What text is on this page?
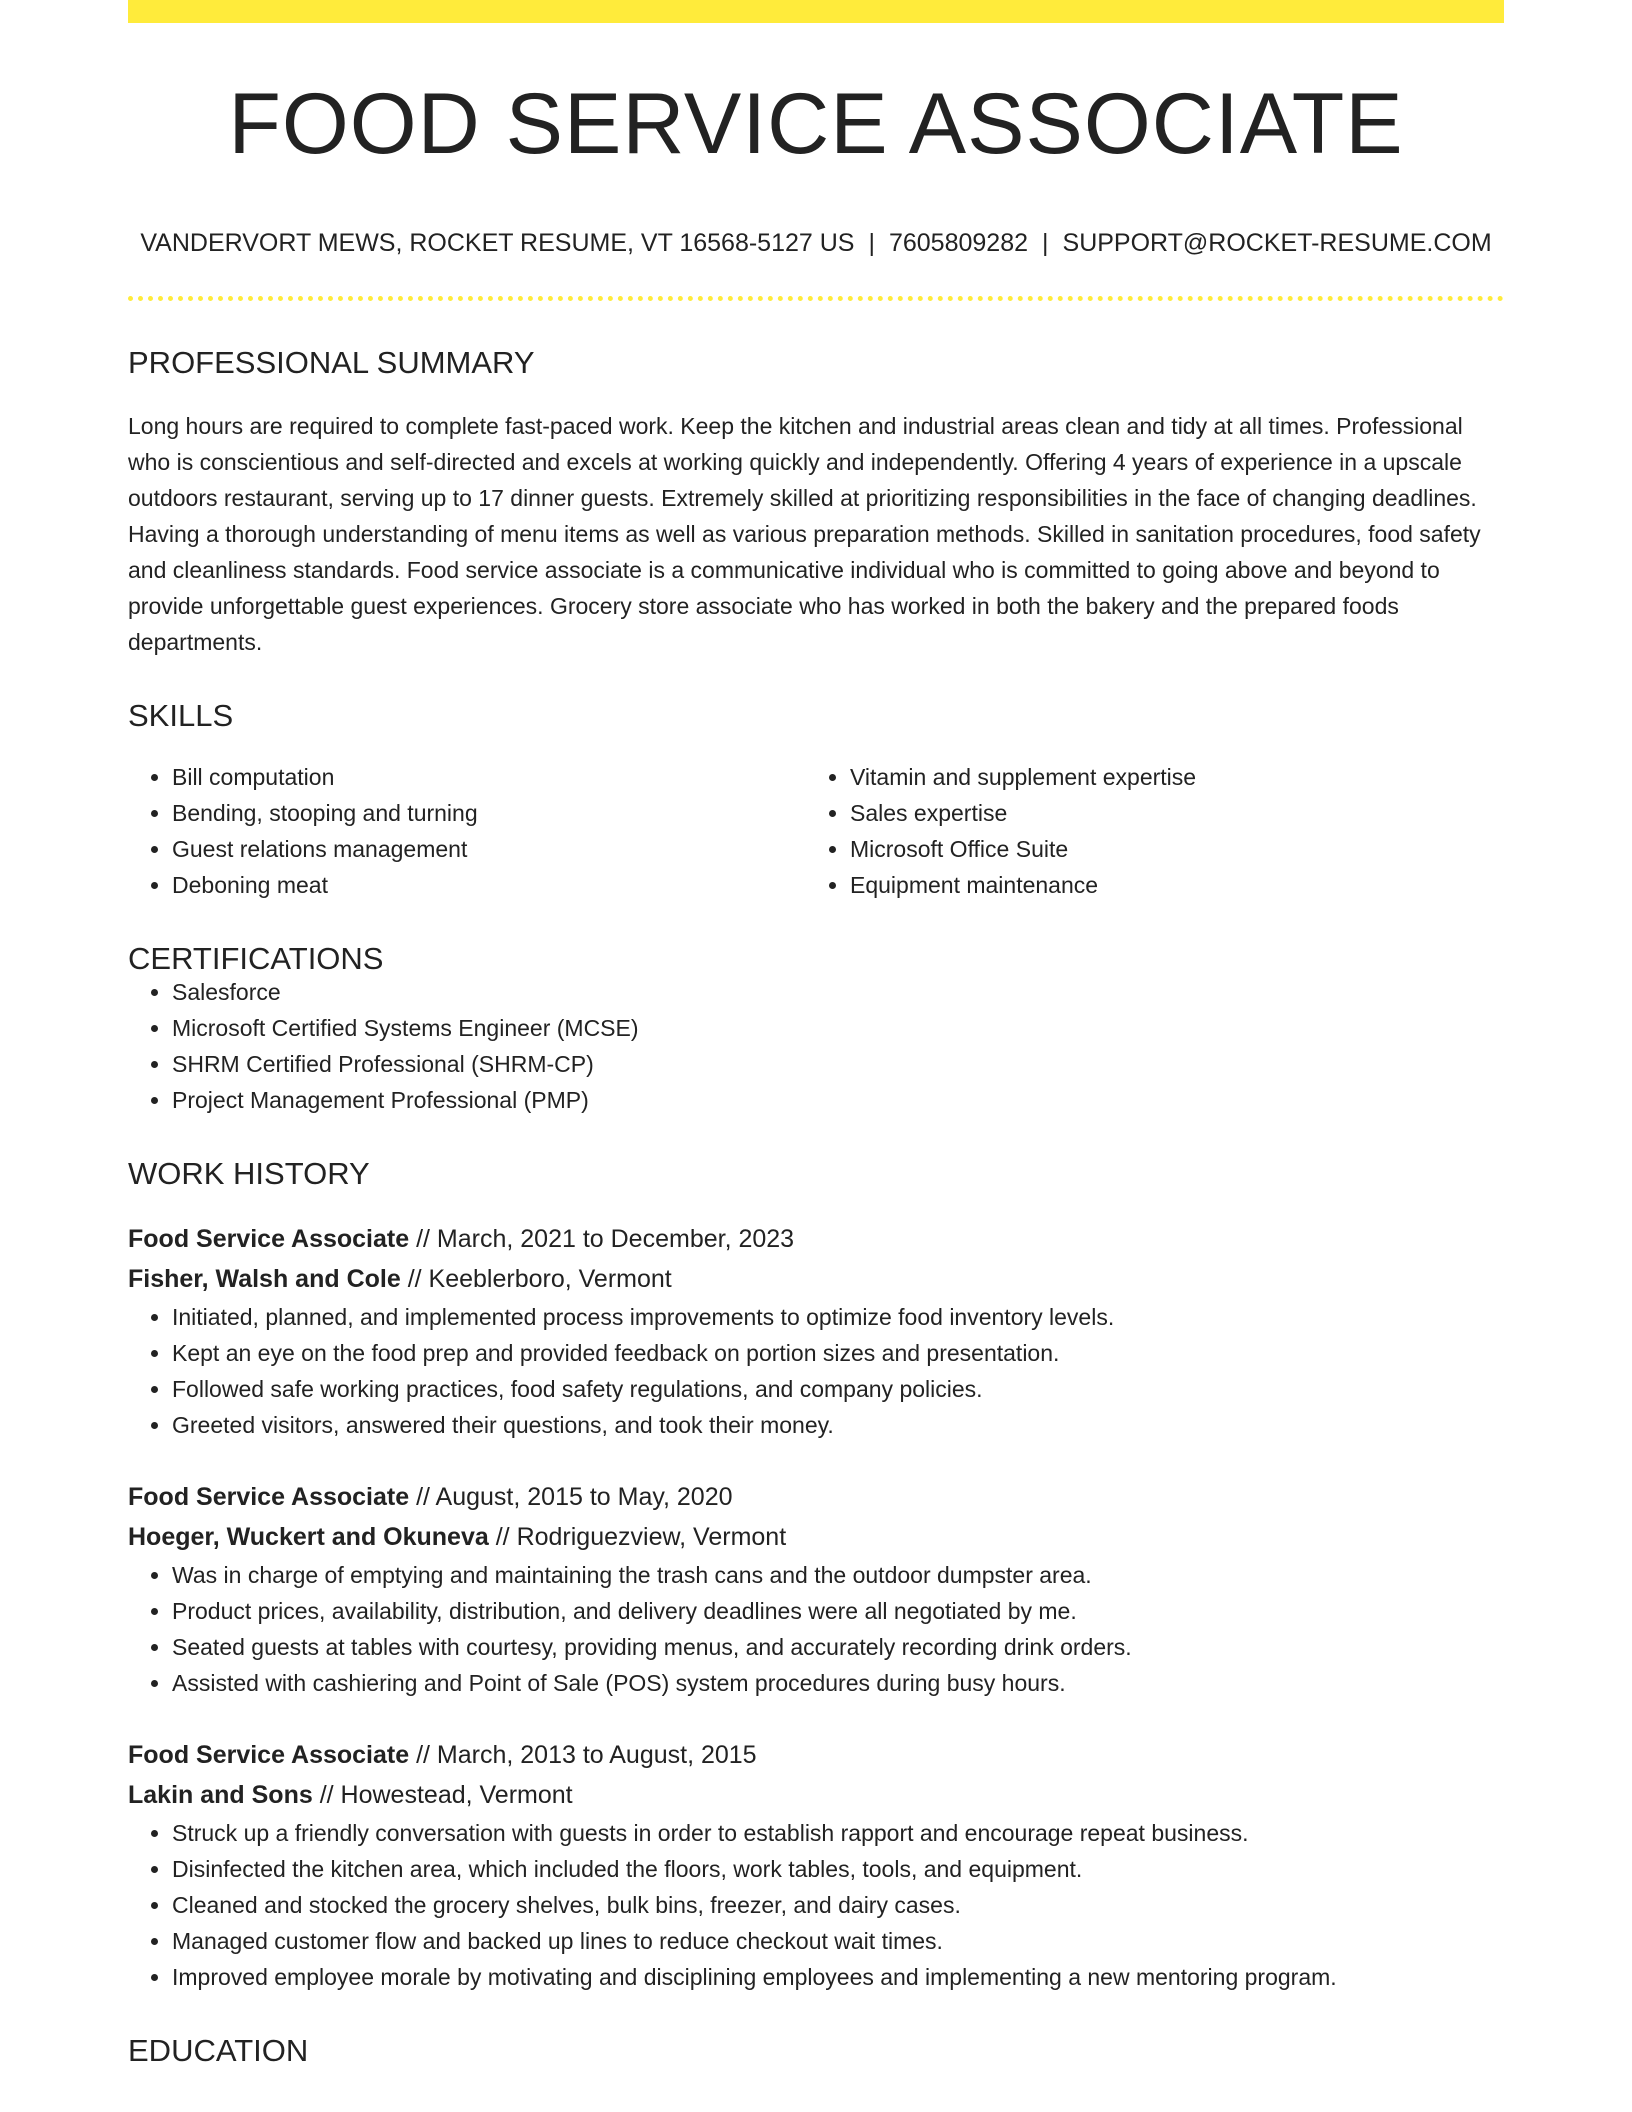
FOOD SERVICE ASSOCIATE
VANDERVORT MEWS, ROCKET RESUME, VT 16568-5127 US | 7605809282 | SUPPORT@ROCKET-RESUME.COM
PROFESSIONAL SUMMARY
Long hours are required to complete fast-paced work. Keep the kitchen and industrial areas clean and tidy at all times. Professional who is conscientious and self-directed and excels at working quickly and independently. Offering 4 years of experience in a upscale outdoors restaurant, serving up to 17 dinner guests. Extremely skilled at prioritizing responsibilities in the face of changing deadlines. Having a thorough understanding of menu items as well as various preparation methods. Skilled in sanitation procedures, food safety and cleanliness standards. Food service associate is a communicative individual who is committed to going above and beyond to provide unforgettable guest experiences. Grocery store associate who has worked in both the bakery and the prepared foods departments.
SKILLS
• Bill computation
• Bending, stooping and turning
• Guest relations management
• Deboning meat
• Vitamin and supplement expertise
• Sales expertise
• Microsoft Office Suite
• Equipment maintenance
CERTIFICATIONS
• Salesforce
• Microsoft Certified Systems Engineer (MCSE)
• SHRM Certified Professional (SHRM-CP)
• Project Management Professional (PMP)
WORK HISTORY
Food Service Associate // March, 2021 to December, 2023
Fisher, Walsh and Cole // Keeblerboro, Vermont
• Initiated, planned, and implemented process improvements to optimize food inventory levels.
• Kept an eye on the food prep and provided feedback on portion sizes and presentation.
• Followed safe working practices, food safety regulations, and company policies.
• Greeted visitors, answered their questions, and took their money.
Food Service Associate // August, 2015 to May, 2020
Hoeger, Wuckert and Okuneva // Rodriguezview, Vermont
• Was in charge of emptying and maintaining the trash cans and the outdoor dumpster area.
• Product prices, availability, distribution, and delivery deadlines were all negotiated by me.
• Seated guests at tables with courtesy, providing menus, and accurately recording drink orders.
• Assisted with cashiering and Point of Sale (POS) system procedures during busy hours.
Food Service Associate // March, 2013 to August, 2015
Lakin and Sons // Howestead, Vermont
• Struck up a friendly conversation with guests in order to establish rapport and encourage repeat business.
• Disinfected the kitchen area, which included the floors, work tables, tools, and equipment.
• Cleaned and stocked the grocery shelves, bulk bins, freezer, and dairy cases.
• Managed customer flow and backed up lines to reduce checkout wait times.
• Improved employee morale by motivating and disciplining employees and implementing a new mentoring program.
EDUCATION
